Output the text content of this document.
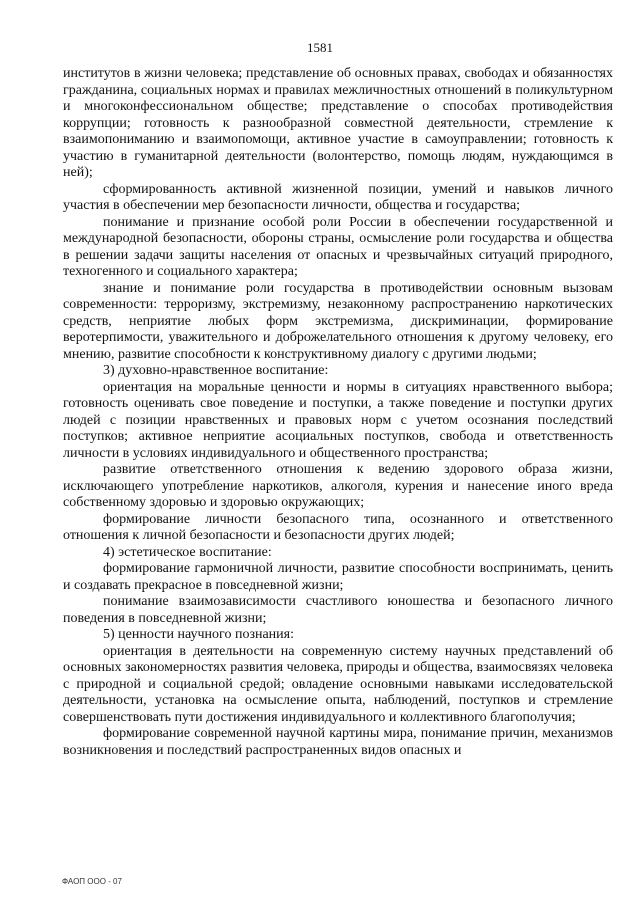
1581

институтов в жизни человека; представление об основных правах, свободах и обязанностях гражданина, социальных нормах и правилах межличностных отношений в поликультурном и многоконфессиональном обществе; представление о способах противодействия коррупции; готовность к разнообразной совместной деятельности, стремление к взаимопониманию и взаимопомощи, активное участие в самоуправлении; готовность к участию в гуманитарной деятельности (волонтерство, помощь людям, нуждающимся в ней);

сформированность активной жизненной позиции, умений и навыков личного участия в обеспечении мер безопасности личности, общества и государства;

понимание и признание особой роли России в обеспечении государственной и международной безопасности, обороны страны, осмысление роли государства и общества в решении задачи защиты населения от опасных и чрезвычайных ситуаций природного, техногенного и социального характера;

знание и понимание роли государства в противодействии основным вызовам современности: терроризму, экстремизму, незаконному распространению наркотических средств, неприятие любых форм экстремизма, дискриминации, формирование веротерпимости, уважительного и доброжелательного отношения к другому человеку, его мнению, развитие способности к конструктивному диалогу с другими людьми;

3) духовно-нравственное воспитание:

ориентация на моральные ценности и нормы в ситуациях нравственного выбора; готовность оценивать свое поведение и поступки, а также поведение и поступки других людей с позиции нравственных и правовых норм с учетом осознания последствий поступков; активное неприятие асоциальных поступков, свобода и ответственность личности в условиях индивидуального и общественного пространства;

развитие ответственного отношения к ведению здорового образа жизни, исключающего употребление наркотиков, алкоголя, курения и нанесение иного вреда собственному здоровью и здоровью окружающих;

формирование личности безопасного типа, осознанного и ответственного отношения к личной безопасности и безопасности других людей;

4) эстетическое воспитание:

формирование гармоничной личности, развитие способности воспринимать, ценить и создавать прекрасное в повседневной жизни;

понимание взаимозависимости счастливого юношества и безопасного личного поведения в повседневной жизни;

5) ценности научного познания:

ориентация в деятельности на современную систему научных представлений об основных закономерностях развития человека, природы и общества, взаимосвязях человека с природной и социальной средой; овладение основными навыками исследовательской деятельности, установка на осмысление опыта, наблюдений, поступков и стремление совершенствовать пути достижения индивидуального и коллективного благополучия;

формирование современной научной картины мира, понимание причин, механизмов возникновения и последствий распространенных видов опасных и

ФАОП ООО - 07
